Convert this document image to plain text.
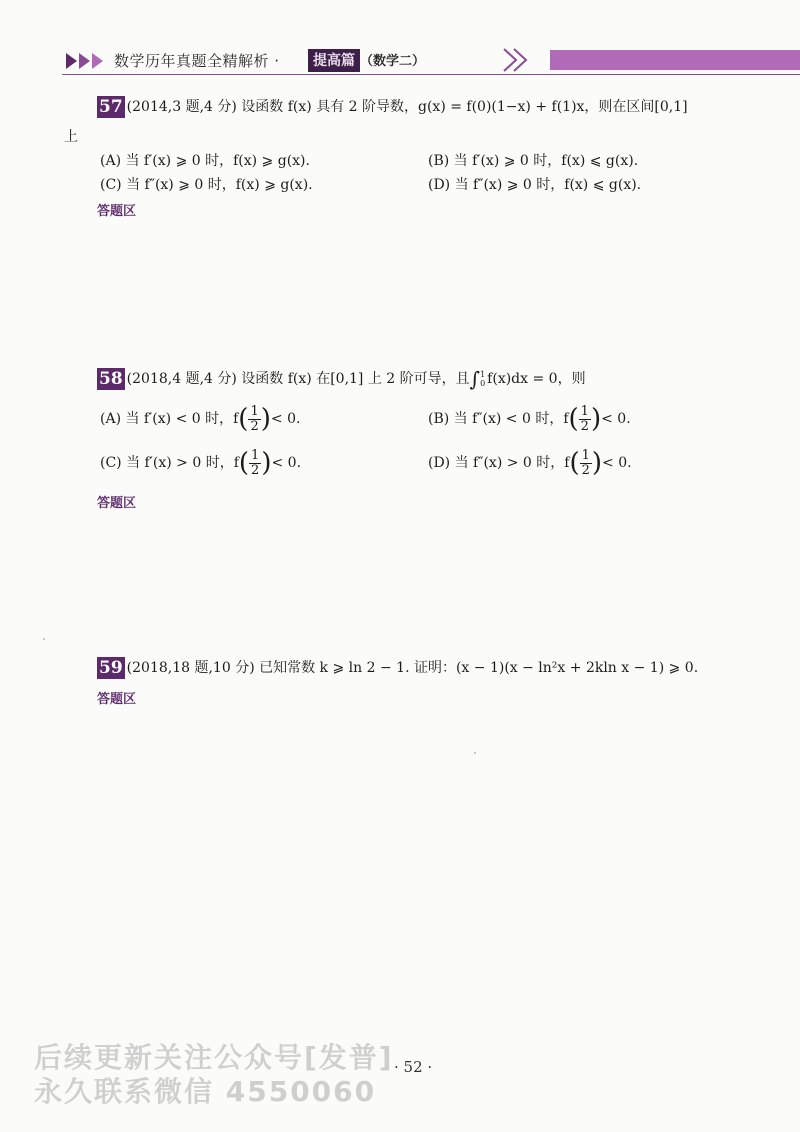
数学历年真题全精解析 ·	提高篇 （数学二）
57 (2014,3 题,4 分) 设函数 f(x) 具有 2 阶导数，g(x) = f(0)(1−x) + f(1)x，则在区间[0,1]
上
(A) 当 f′(x) ⩾ 0 时，f(x) ⩾ g(x).	(B) 当 f′(x) ⩾ 0 时，f(x) ⩽ g(x).
(C) 当 f″(x) ⩾ 0 时，f(x) ⩾ g(x).	(D) 当 f″(x) ⩾ 0 时，f(x) ⩽ g(x).
答题区
58 (2018,4 题,4 分) 设函数 f(x) 在[0,1] 上 2 阶可导，且∫ 1
0 f(x)dx = 0，则
(A) 当 f′(x) < 0 时，$f( \frac{1}{2}$ )< 0.	(B) 当 f″(x) < 0 时，$f( \frac{1}{2}$ )< 0.
(C) 当 f′(x) > 0 时，$f( \frac{1}{2}$ )< 0.	(D) 当 f″(x) > 0 时，$f( \frac{1}{2}$ )< 0.
答题区
59 (2018,18 题,10 分) 已知常数 k ⩾ ln 2 − 1. 证明：(x − 1)(x − ln²x + 2kln x − 1) ⩾ 0.
答题区
· 52 ·
后续更新关注公众号[发普]
永久联系微信 4550060
